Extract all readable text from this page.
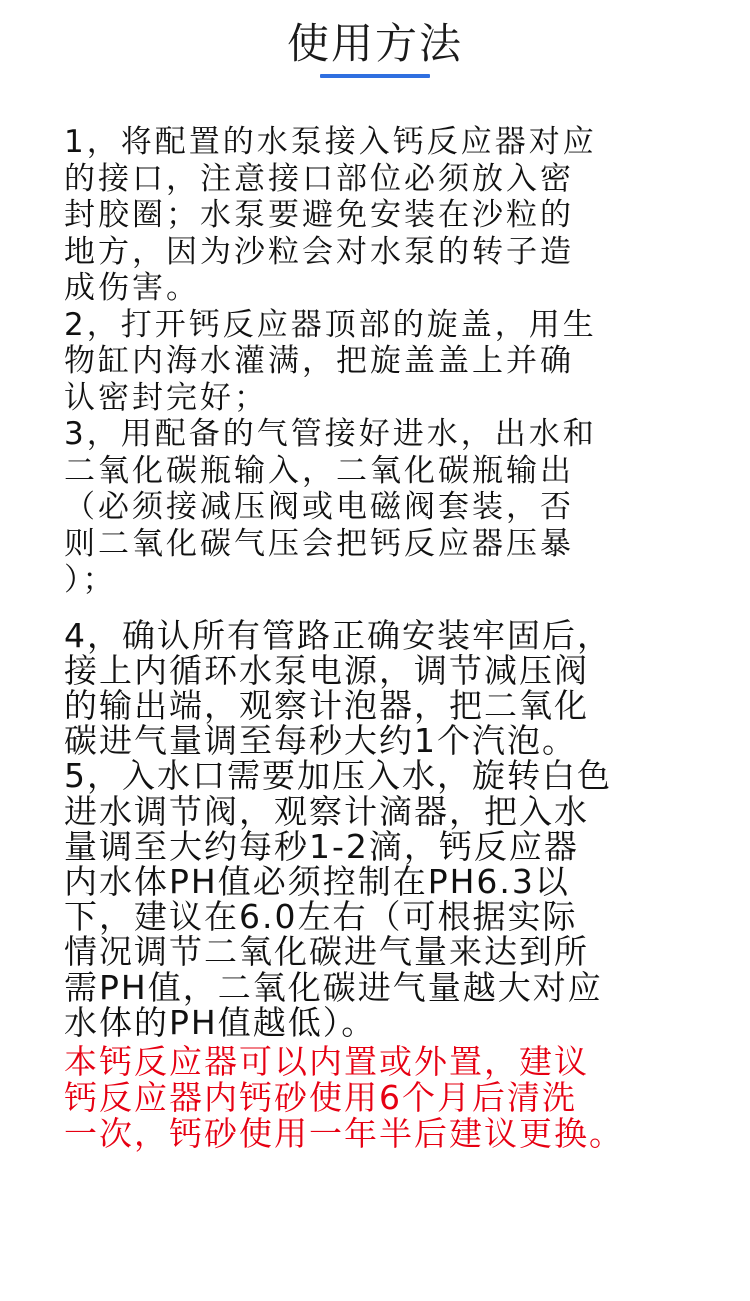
使用方法
1，将配置的水泵接入钙反应器对应
的接口，注意接口部位必须放入密
封胶圈；水泵要避免安装在沙粒的
地方，因为沙粒会对水泵的转子造
成伤害。
2，打开钙反应器顶部的旋盖，用生
物缸内海水灌满，把旋盖盖上并确
认密封完好；
3，用配备的气管接好进水，出水和
二氧化碳瓶输入，二氧化碳瓶输出
（必须接减压阀或电磁阀套装，否
则二氧化碳气压会把钙反应器压暴
）；
4，确认所有管路正确安装牢固后，
接上内循环水泵电源，调节减压阀
的输出端，观察计泡器，把二氧化
碳进气量调至每秒大约1个汽泡。
5，入水口需要加压入水，旋转白色
进水调节阀，观察计滴器，把入水
量调至大约每秒1-2滴，钙反应器
内水体PH值必须控制在PH6.3以
下，建议在6.0左右（可根据实际
情况调节二氧化碳进气量来达到所
需PH值，二氧化碳进气量越大对应
水体的PH值越低）。
本钙反应器可以内置或外置，建议
钙反应器内钙砂使用6个月后清洗
一次，钙砂使用一年半后建议更换。
